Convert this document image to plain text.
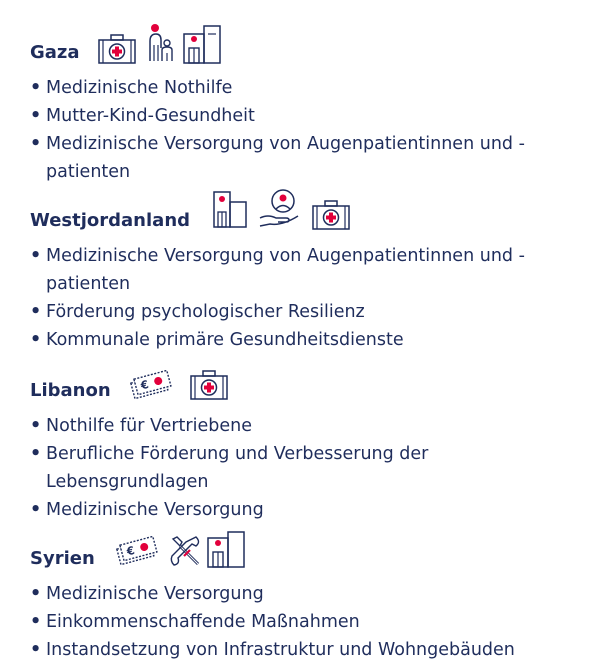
Gaza
• Medizinische Nothilfe
• Mutter-Kind-Gesundheit
• Medizinische Versorgung von Augenpatientinnen und -patienten
Westjordanland
• Medizinische Versorgung von Augenpatientinnen und -patienten
• Förderung psychologischer Resilienz
• Kommunale primäre Gesundheitsdienste
Libanon	€
• Nothilfe für Vertriebene
• Berufliche Förderung und Verbesserung der Lebensgrundlagen
• Medizinische Versorgung
Syrien	€
• Medizinische Versorgung
• Einkommenschaffende Maßnahmen
• Instandsetzung von Infrastruktur und Wohngebäuden
